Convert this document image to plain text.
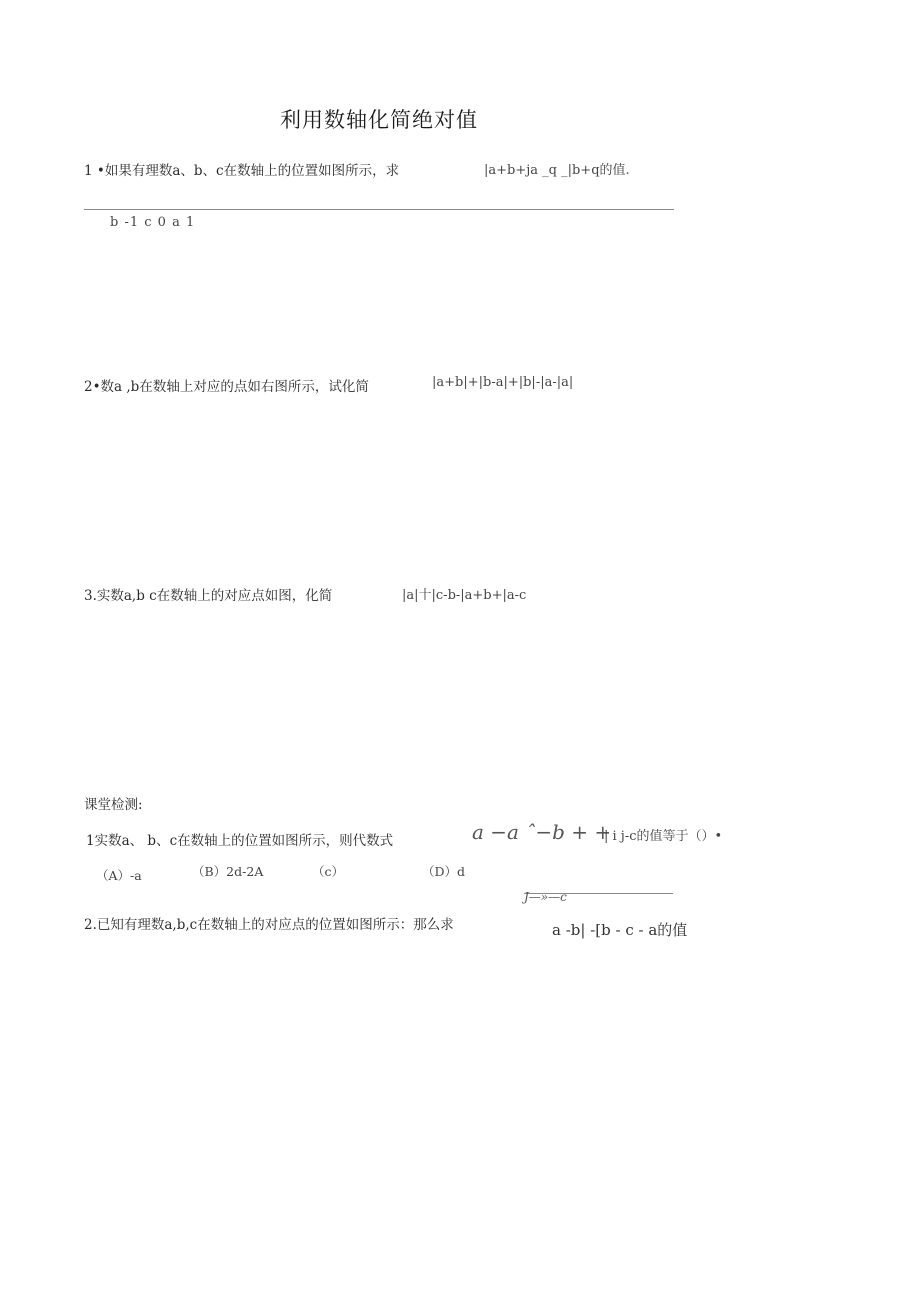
利用数轴化简绝对值
1 •如果有理数a、b、c在数轴上的位置如图所示，求	|a+b+ja _q _|b+q的值.
b -1 c 0 a 1
2•数a ,b在数轴上对应的点如右图所示，试化简	|a+b|+|b-a|+|b|-|a-|a|
3.实数a,b c在数轴上的对应点如图，化简	|a|十|c-b-|a+b+|a-c
课堂检测:
1实数a、 b、c在数轴上的位置如图所示，则代数式	a −a ˆ−b + +
| i j-c的值等于（）•
（A）-a	（B）2d-2A	（c）	（D）d
J—»—c
2.已知有理数a,b,c在数轴上的对应点的位置如图所示：那么求	a -b| -[b - c - a的值
